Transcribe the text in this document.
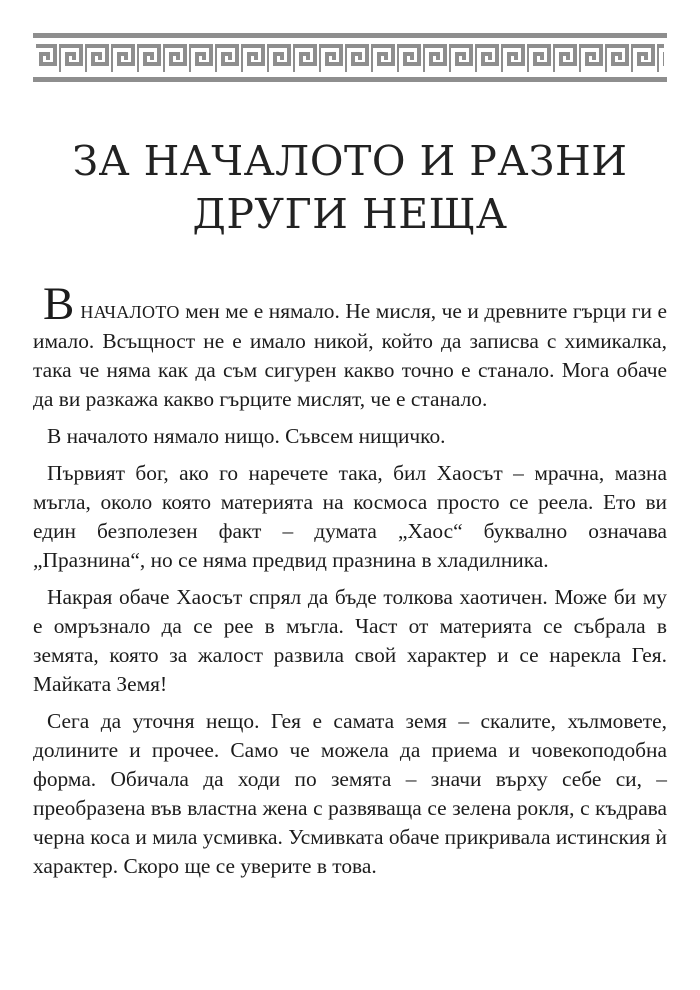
ЗА НАЧАЛОТО И РАЗНИ
ДРУГИ НЕЩА

ВНАЧАЛОТО мен ме е нямало. Не мисля, че и древните гърци ги е имало. Всъщност не е имало никой, който да записва с химикалка, така че няма как да съм сигурен какво точно е станало. Мога обаче да ви разкажа какво гърците мислят, че е станало.

В началото нямало нищо. Съвсем нищичко.

Първият бог, ако го наречете така, бил Хаосът – мрачна, мазна мъгла, около която материята на космоса просто се реела. Ето ви един безполезен факт – думата „Хаос“ буквално означава „Празнина“, но се няма предвид празнина в хладилника.

Накрая обаче Хаосът спрял да бъде толкова хаотичен. Може би му е омръзнало да се рее в мъгла. Част от материята се събрала в земята, която за жалост развила свой характер и се нарекла Гея. Майката Земя!

Сега да уточня нещо. Гея е самата земя – скалите, хълмовете, долините и прочее. Само че можела да приема и човекоподобна форма. Обичала да ходи по земята – значи върху себе си, – преобразена във властна жена с развяваща се зелена рокля, с къдрава черна коса и мила усмивка. Усмивката обаче прикривала истинския ѝ характер. Скоро ще се уверите в това.
